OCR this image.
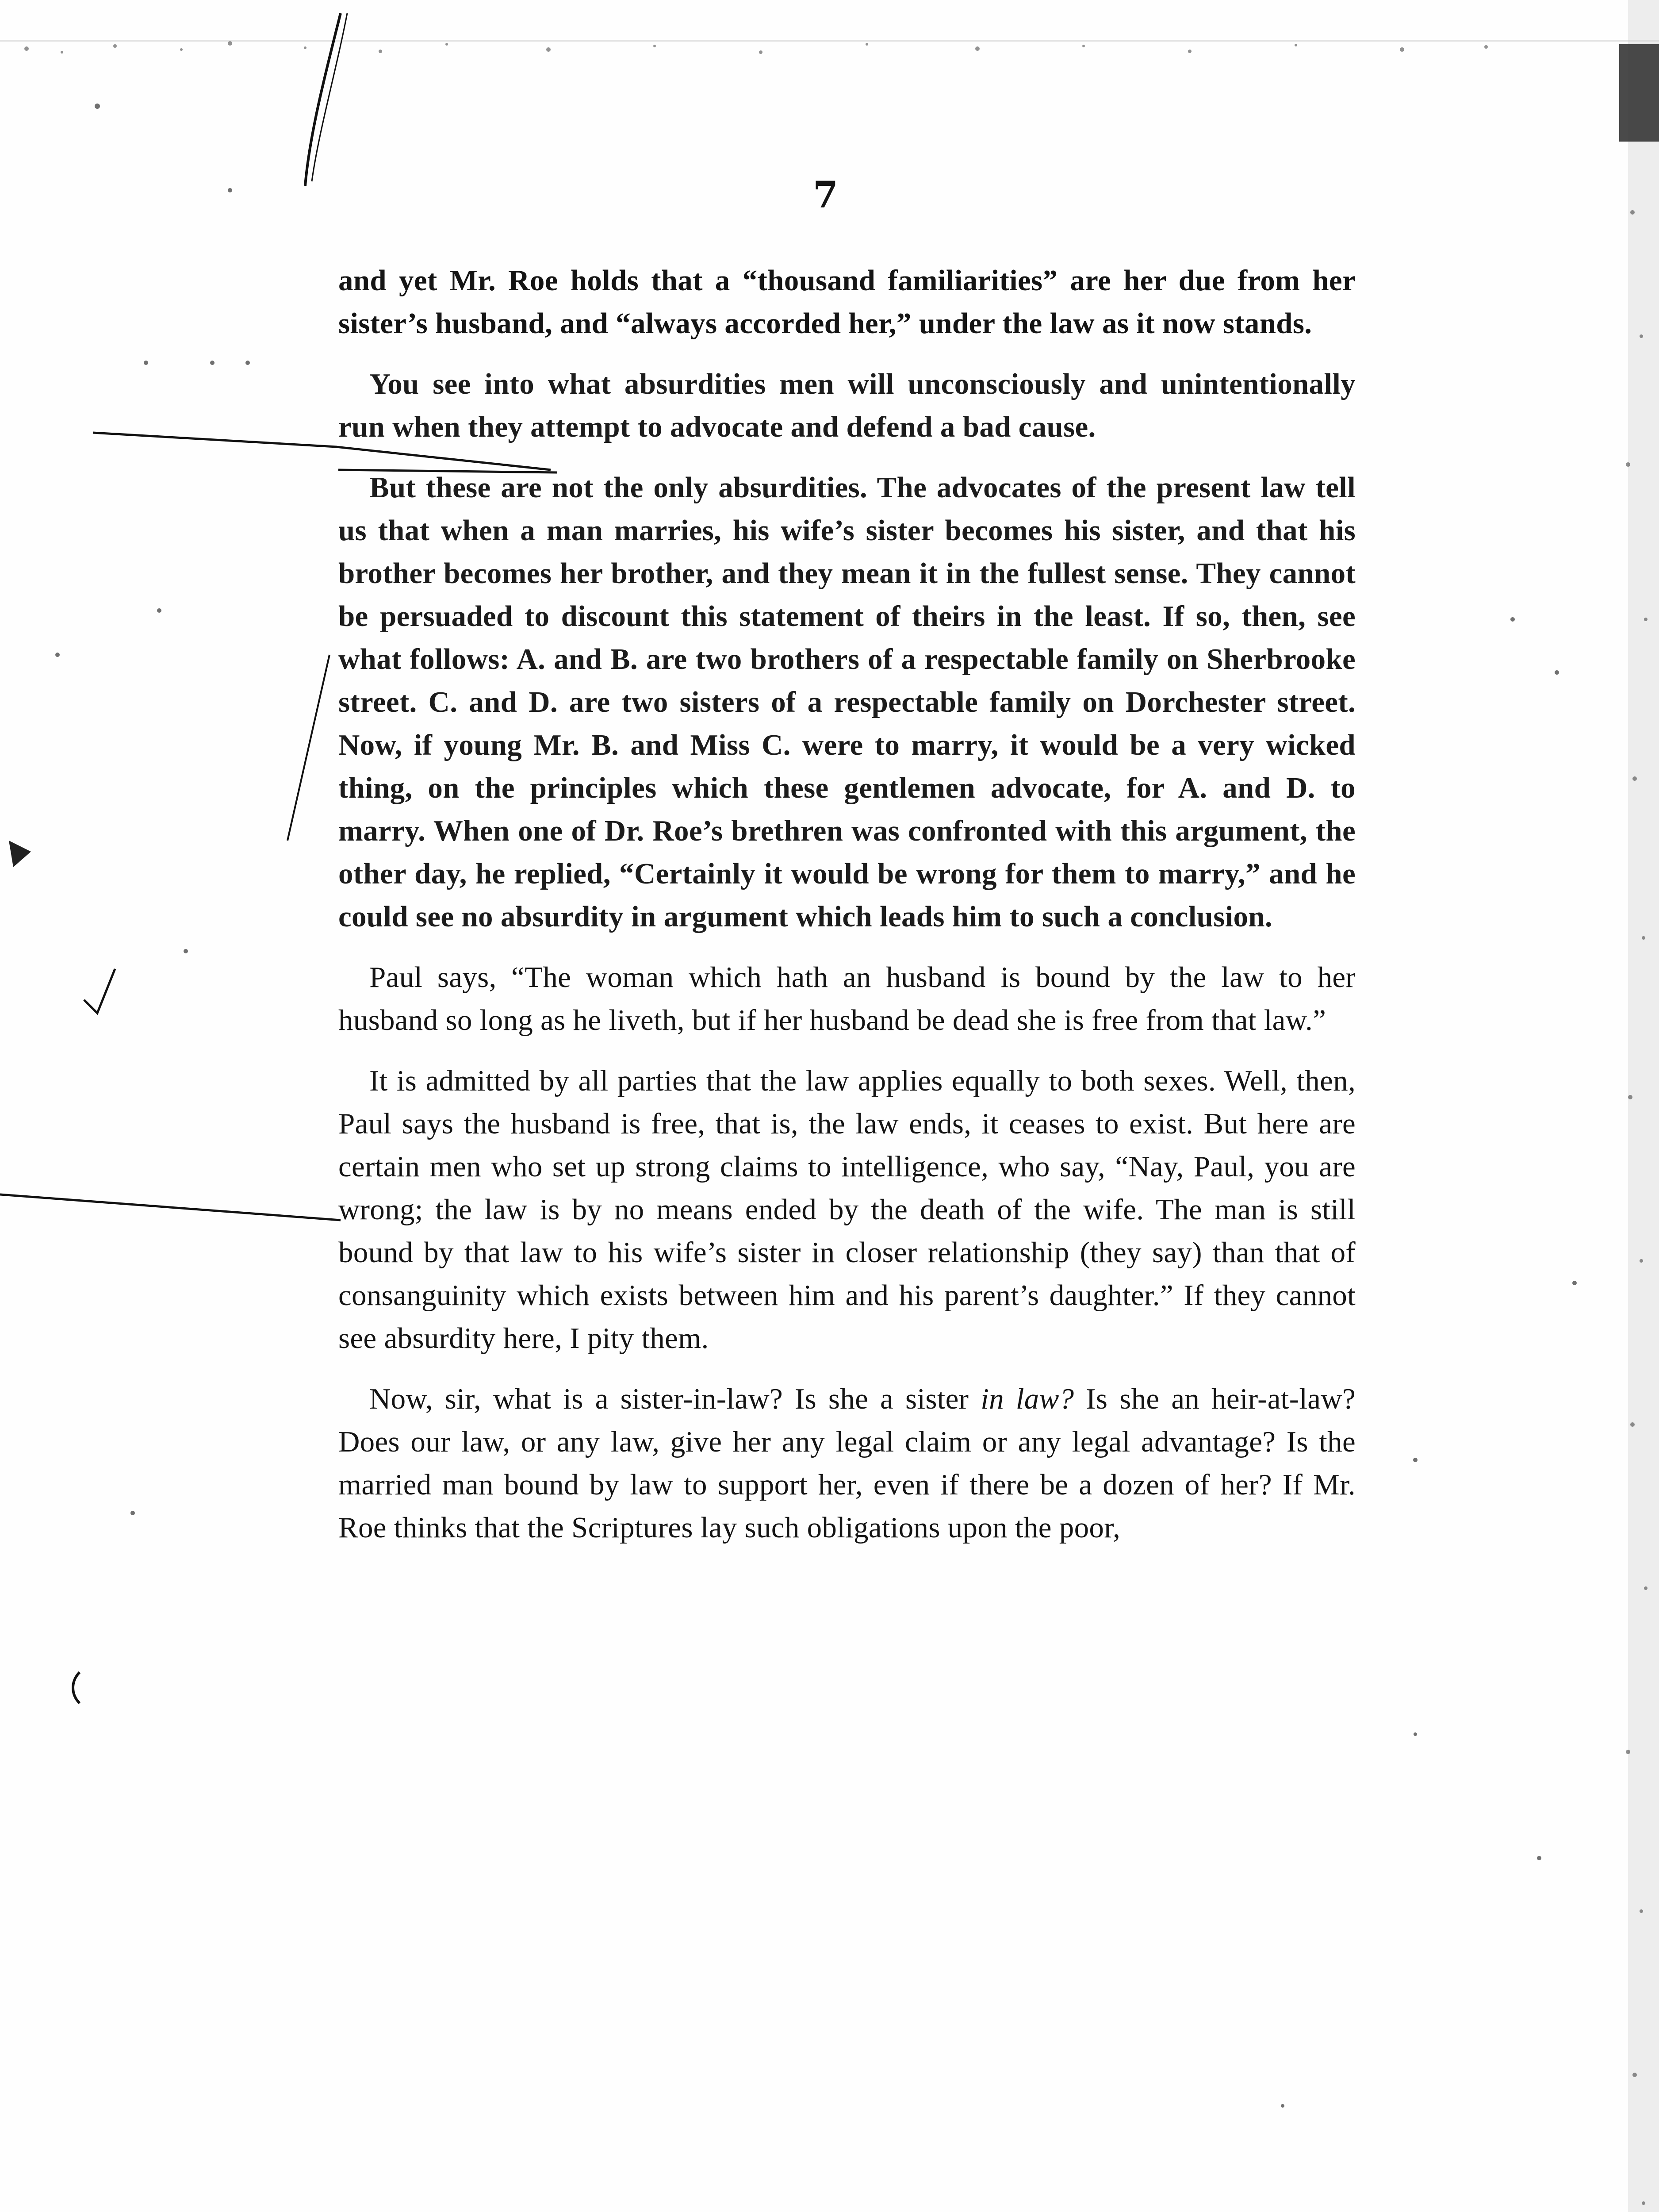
7

and yet Mr. Roe holds that a “thousand familiarities” are her due from her sister’s husband, and “always accorded her,” under the law as it now stands.

You see into what absurdities men will unconsciously and unintentionally run when they attempt to advocate and defend a bad cause.

But these are not the only absurdities. The advocates of the present law tell us that when a man marries, his wife’s sister becomes his sister, and that his brother becomes her brother, and they mean it in the fullest sense. They cannot be persuaded to discount this statement of theirs in the least. If so, then, see what follows: A. and B. are two brothers of a respectable family on Sherbrooke street. C. and D. are two sisters of a respectable family on Dorchester street. Now, if young Mr. B. and Miss C. were to marry, it would be a very wicked thing, on the principles which these gentlemen advocate, for A. and D. to marry. When one of Dr. Roe’s brethren was confronted with this argument, the other day, he replied, “Certainly it would be wrong for them to marry,” and he could see no absurdity in argument which leads him to such a conclusion.

Paul says, “The woman which hath an husband is bound by the law to her husband so long as he liveth, but if her husband be dead she is free from that law.”

It is admitted by all parties that the law applies equally to both sexes. Well, then, Paul says the husband is free, that is, the law ends, it ceases to exist. But here are certain men who set up strong claims to intelligence, who say, “Nay, Paul, you are wrong; the law is by no means ended by the death of the wife. The man is still bound by that law to his wife’s sister in closer relationship (they say) than that of consanguinity which exists between him and his parent’s daughter.” If they cannot see absurdity here, I pity them.

Now, sir, what is a sister-in-law? Is she a sister in law? Is she an heir-at-law? Does our law, or any law, give her any legal claim or any legal advantage? Is the married man bound by law to support her, even if there be a dozen of her? If Mr. Roe thinks that the Scriptures lay such obligations upon the poor,
